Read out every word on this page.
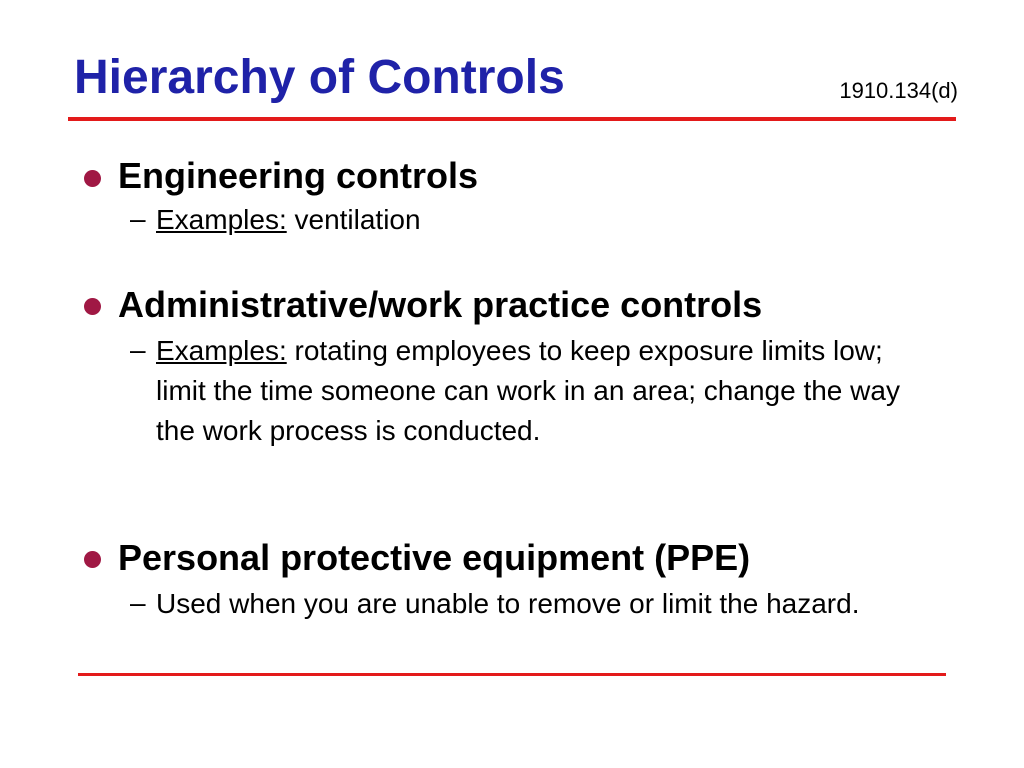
Hierarchy of Controls	1910.134(d)
Engineering controls
– Examples: ventilation
Administrative/work practice controls
– Examples: rotating employees to keep exposure limits low; limit the time someone can work in an area; change the way the work process is conducted.
Personal protective equipment (PPE)
– Used when you are unable to remove or limit the hazard.
